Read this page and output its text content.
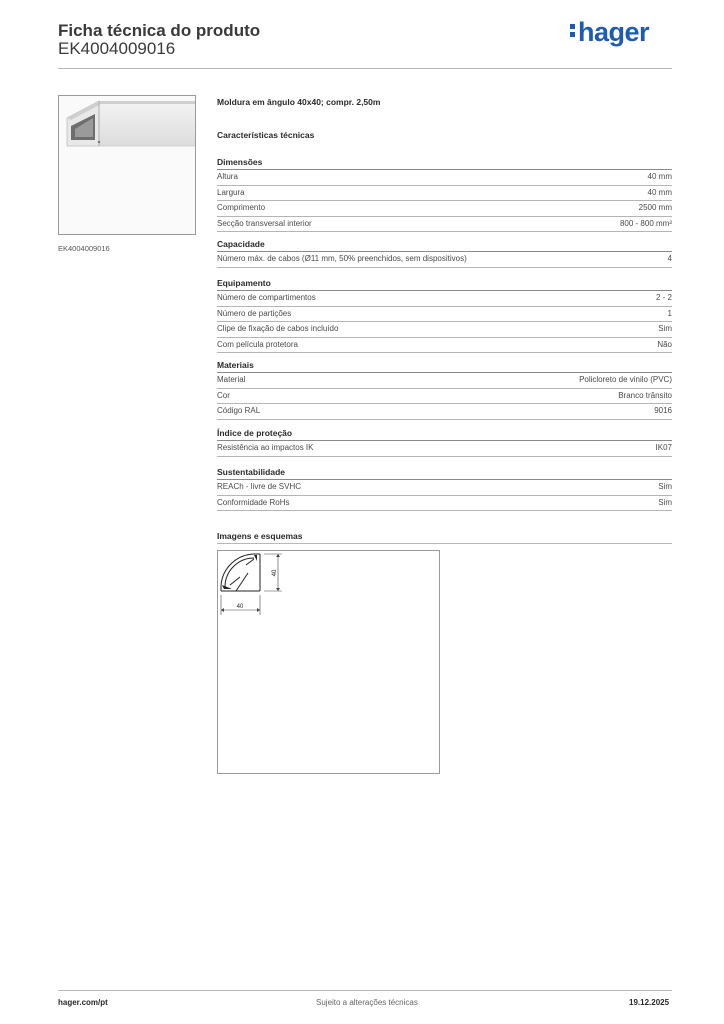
Ficha técnica do produto
EK4004009016
hager
EK4004009016
Moldura em ângulo 40x40; compr. 2,50m
Características técnicas
Dimensões
Altura	40 mm
Largura	40 mm
Comprimento	2500 mm
Secção transversal interior	800 - 800 mm²
Capacidade
Número máx. de cabos (Ø11 mm, 50% preenchidos, sem dispositivos)	4
Equipamento
Número de compartimentos	2 - 2
Número de partições	1
Clipe de fixação de cabos incluído	Sim
Com película protetora	Não
Materiais
Material	Policloreto de vinilo (PVC)
Cor	Branco trânsito
Código RAL	9016
Índice de proteção
Resistência ao impactos IK	IK07
Sustentabilidade
REACh - livre de SVHC	Sim
Conformidade RoHs	Sim
Imagens e esquemas
40
40
hager.com/pt	Sujeito a alterações técnicas	19.12.2025
